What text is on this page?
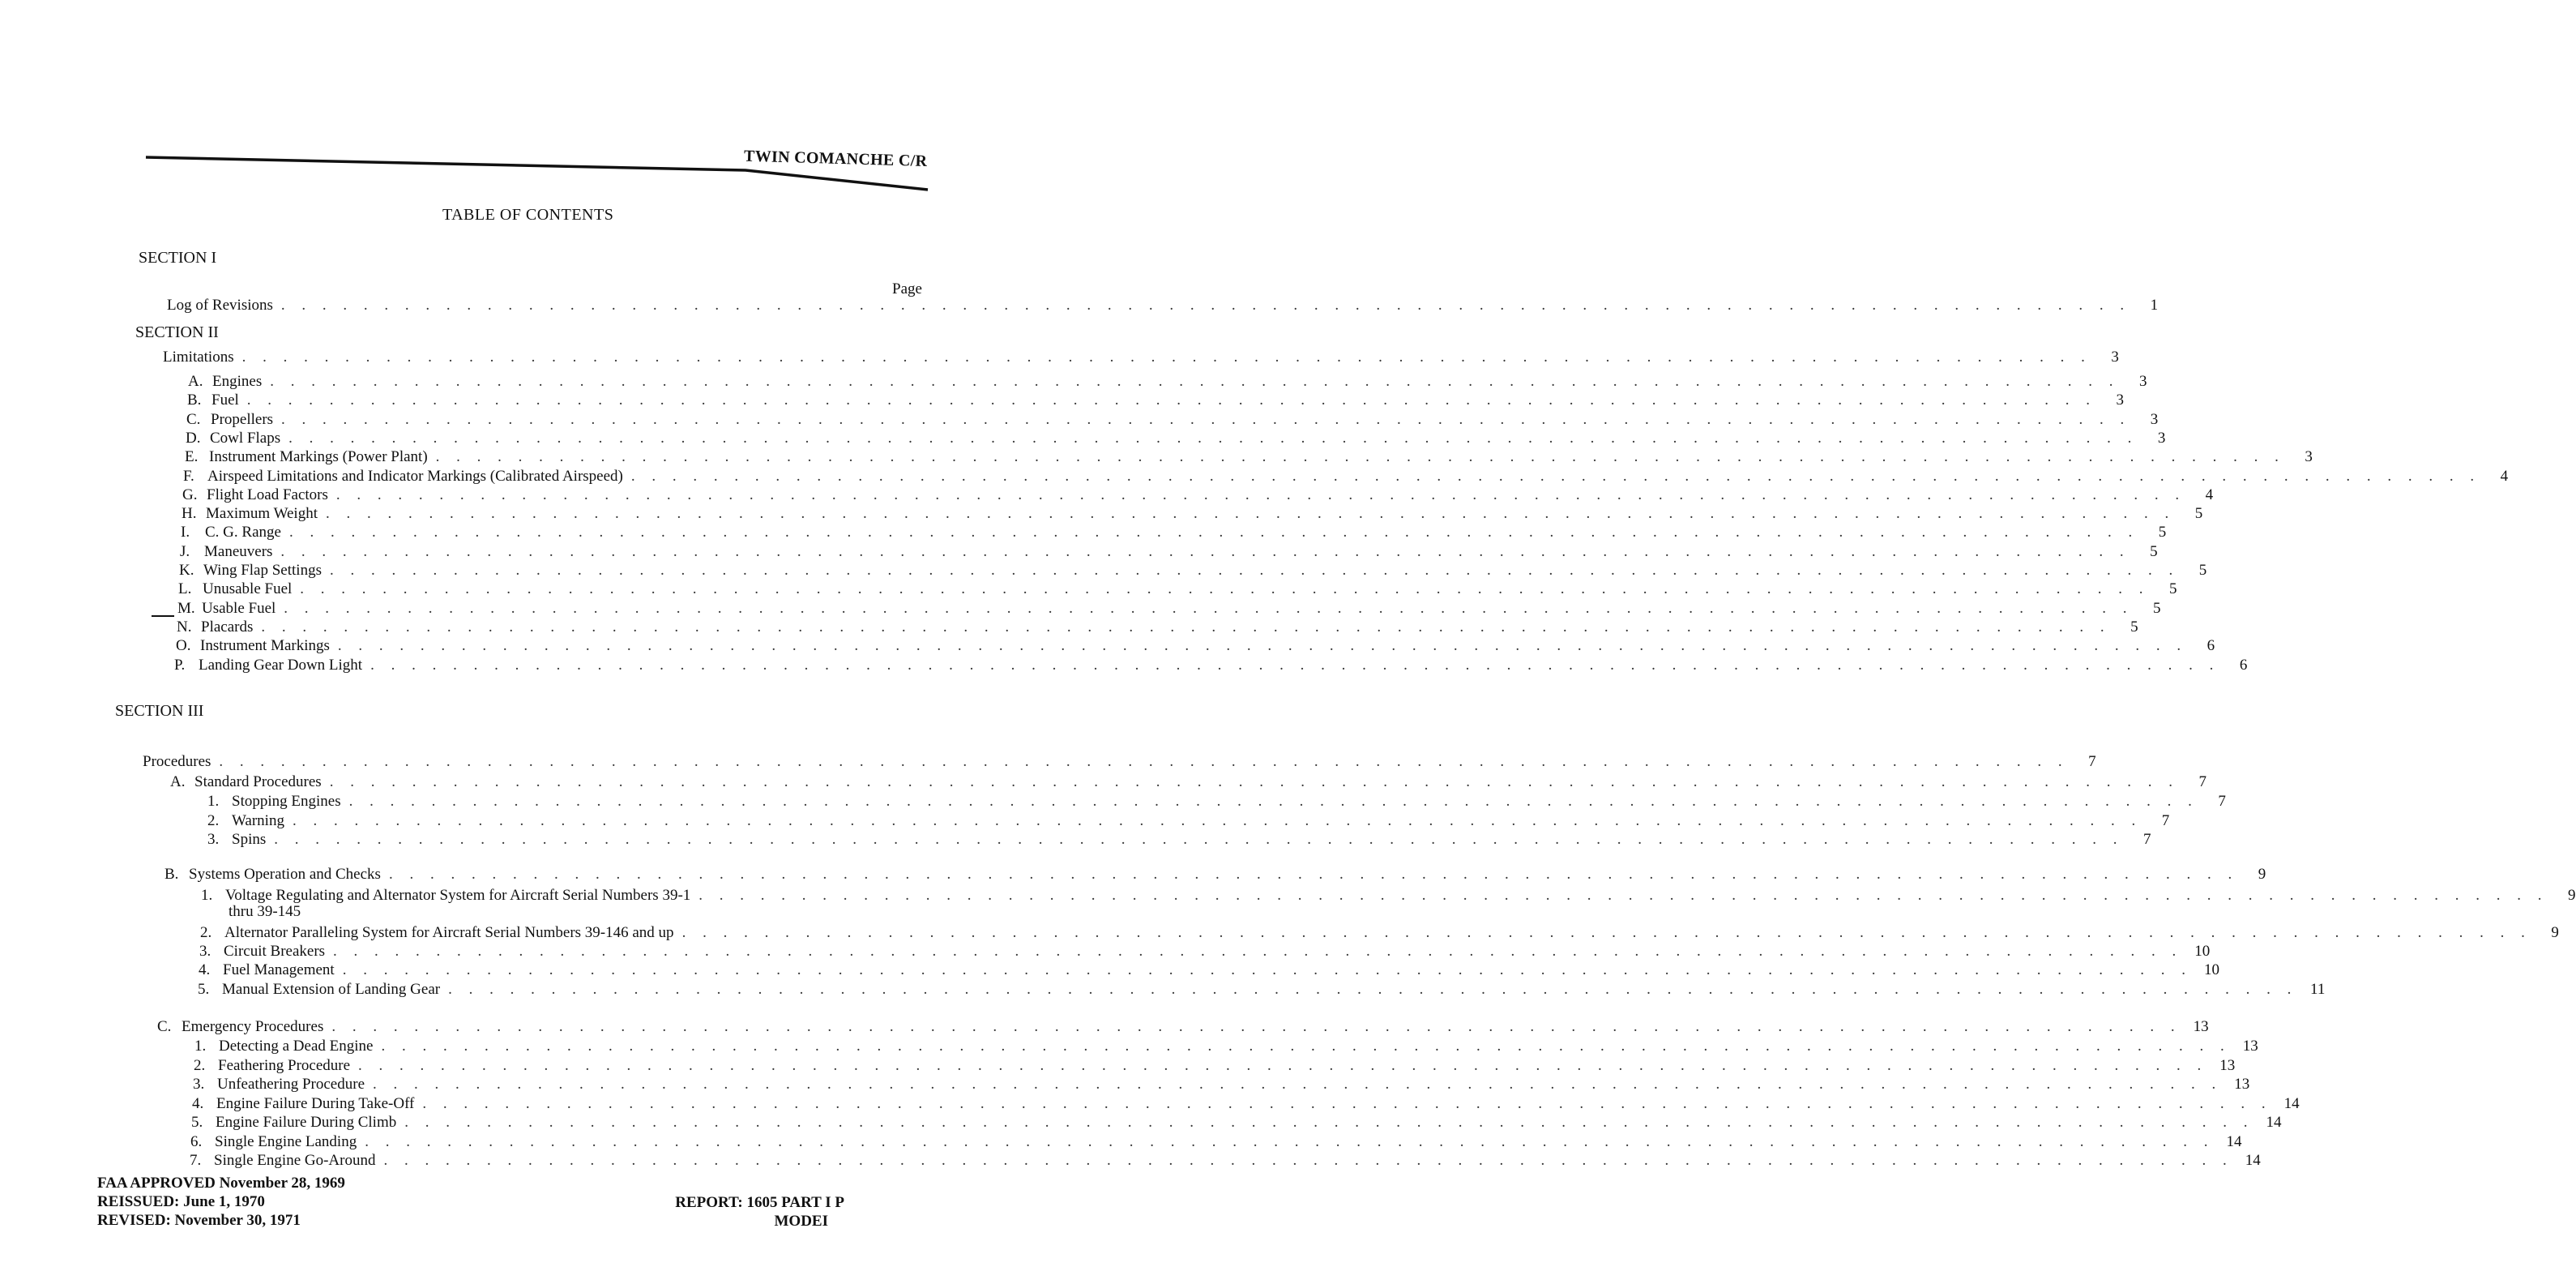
TWIN COMANCHE C/R
TABLE OF CONTENTS
Page
SECTION I
Log of Revisions . . . . . . . . . . . . . . . . . . . . . . . . . . . . . . . . . . . . . . . . . . . . . . . . . . . . . . . . . . . . . . . . . . . . . . . . . . . . . . . . . . . . . . . . . .	1
SECTION II
Limitations . . . . . . . . . . . . . . . . . . . . . . . . . . . . . . . . . . . . . . . . . . . . . . . . . . . . . . . . . . . . . . . . . . . . . . . . . . . . . . . . . . . . . . . . . .	3
A. Engines . . . . . . . . . . . . . . . . . . . . . . . . . . . . . . . . . . . . . . . . . . . . . . . . . . . . . . . . . . . . . . . . . . . . . . . . . . . . . . . . . . . . . . . . . .	3
B. Fuel . . . . . . . . . . . . . . . . . . . . . . . . . . . . . . . . . . . . . . . . . . . . . . . . . . . . . . . . . . . . . . . . . . . . . . . . . . . . . . . . . . . . . . . . . .	3
C. Propellers . . . . . . . . . . . . . . . . . . . . . . . . . . . . . . . . . . . . . . . . . . . . . . . . . . . . . . . . . . . . . . . . . . . . . . . . . . . . . . . . . . . . . . . . . .	3
D. Cowl Flaps . . . . . . . . . . . . . . . . . . . . . . . . . . . . . . . . . . . . . . . . . . . . . . . . . . . . . . . . . . . . . . . . . . . . . . . . . . . . . . . . . . . . . . . . . .	3
E. Instrument Markings (Power Plant) . . . . . . . . . . . . . . . . . . . . . . . . . . . . . . . . . . . . . . . . . . . . . . . . . . . . . . . . . . . . . . . . . . . . . . . . . . . . . . . . . . . . . . . . . .	3
F. Airspeed Limitations and Indicator Markings (Calibrated Airspeed) . . . . . . . . . . . . . . . . . . . . . . . . . . . . . . . . . . . . . . . . . . . . . . . . . . . . . . . . . . . . . . . . . . . . . . . . . . . . . . . . . . . . . . . . . .	4
G. Flight Load Factors . . . . . . . . . . . . . . . . . . . . . . . . . . . . . . . . . . . . . . . . . . . . . . . . . . . . . . . . . . . . . . . . . . . . . . . . . . . . . . . . . . . . . . . . . .	4
H. Maximum Weight . . . . . . . . . . . . . . . . . . . . . . . . . . . . . . . . . . . . . . . . . . . . . . . . . . . . . . . . . . . . . . . . . . . . . . . . . . . . . . . . . . . . . . . . . .	5
I. C. G. Range . . . . . . . . . . . . . . . . . . . . . . . . . . . . . . . . . . . . . . . . . . . . . . . . . . . . . . . . . . . . . . . . . . . . . . . . . . . . . . . . . . . . . . . . . .	5
J. Maneuvers . . . . . . . . . . . . . . . . . . . . . . . . . . . . . . . . . . . . . . . . . . . . . . . . . . . . . . . . . . . . . . . . . . . . . . . . . . . . . . . . . . . . . . . . . .	5
K. Wing Flap Settings . . . . . . . . . . . . . . . . . . . . . . . . . . . . . . . . . . . . . . . . . . . . . . . . . . . . . . . . . . . . . . . . . . . . . . . . . . . . . . . . . . . . . . . . . .	5
L. Unusable Fuel . . . . . . . . . . . . . . . . . . . . . . . . . . . . . . . . . . . . . . . . . . . . . . . . . . . . . . . . . . . . . . . . . . . . . . . . . . . . . . . . . . . . . . . . . .	5
M. Usable Fuel . . . . . . . . . . . . . . . . . . . . . . . . . . . . . . . . . . . . . . . . . . . . . . . . . . . . . . . . . . . . . . . . . . . . . . . . . . . . . . . . . . . . . . . . . .	5
N. Placards . . . . . . . . . . . . . . . . . . . . . . . . . . . . . . . . . . . . . . . . . . . . . . . . . . . . . . . . . . . . . . . . . . . . . . . . . . . . . . . . . . . . . . . . . .	5
O. Instrument Markings . . . . . . . . . . . . . . . . . . . . . . . . . . . . . . . . . . . . . . . . . . . . . . . . . . . . . . . . . . . . . . . . . . . . . . . . . . . . . . . . . . . . . . . . . .	6
P. Landing Gear Down Light . . . . . . . . . . . . . . . . . . . . . . . . . . . . . . . . . . . . . . . . . . . . . . . . . . . . . . . . . . . . . . . . . . . . . . . . . . . . . . . . . . . . . . . . . .	6
SECTION III
Procedures . . . . . . . . . . . . . . . . . . . . . . . . . . . . . . . . . . . . . . . . . . . . . . . . . . . . . . . . . . . . . . . . . . . . . . . . . . . . . . . . . . . . . . . . . .	7
A. Standard Procedures . . . . . . . . . . . . . . . . . . . . . . . . . . . . . . . . . . . . . . . . . . . . . . . . . . . . . . . . . . . . . . . . . . . . . . . . . . . . . . . . . . . . . . . . . .	7
1. Stopping Engines . . . . . . . . . . . . . . . . . . . . . . . . . . . . . . . . . . . . . . . . . . . . . . . . . . . . . . . . . . . . . . . . . . . . . . . . . . . . . . . . . . . . . . . . . .	7
2. Warning . . . . . . . . . . . . . . . . . . . . . . . . . . . . . . . . . . . . . . . . . . . . . . . . . . . . . . . . . . . . . . . . . . . . . . . . . . . . . . . . . . . . . . . . . .	7
3. Spins . . . . . . . . . . . . . . . . . . . . . . . . . . . . . . . . . . . . . . . . . . . . . . . . . . . . . . . . . . . . . . . . . . . . . . . . . . . . . . . . . . . . . . . . . .	7
B. Systems Operation and Checks . . . . . . . . . . . . . . . . . . . . . . . . . . . . . . . . . . . . . . . . . . . . . . . . . . . . . . . . . . . . . . . . . . . . . . . . . . . . . . . . . . . . . . . . . .	9
1. Voltage Regulating and Alternator System for Aircraft Serial Numbers 39-1 . . . . . . . . . . . . . . . . . . . . . . . . . . . . . . . . . . . . . . . . . . . . . . . . . . . . . . . . . . . . . . . . . . . . . . . . . . . . . . . . . . . . . . . . . .	9
thru 39-145
2. Alternator Paralleling System for Aircraft Serial Numbers 39-146 and up . . . . . . . . . . . . . . . . . . . . . . . . . . . . . . . . . . . . . . . . . . . . . . . . . . . . . . . . . . . . . . . . . . . . . . . . . . . . . . . . . . . . . . . . . .	9
3. Circuit Breakers . . . . . . . . . . . . . . . . . . . . . . . . . . . . . . . . . . . . . . . . . . . . . . . . . . . . . . . . . . . . . . . . . . . . . . . . . . . . . . . . . . . . . . . . . . 10
4. Fuel Management . . . . . . . . . . . . . . . . . . . . . . . . . . . . . . . . . . . . . . . . . . . . . . . . . . . . . . . . . . . . . . . . . . . . . . . . . . . . . . . . . . . . . . . . . . 10
5. Manual Extension of Landing Gear . . . . . . . . . . . . . . . . . . . . . . . . . . . . . . . . . . . . . . . . . . . . . . . . . . . . . . . . . . . . . . . . . . . . . . . . . . . . . . . . . . . . . . . . . . 11
C. Emergency Procedures . . . . . . . . . . . . . . . . . . . . . . . . . . . . . . . . . . . . . . . . . . . . . . . . . . . . . . . . . . . . . . . . . . . . . . . . . . . . . . . . . . . . . . . . . . 13
1. Detecting a Dead Engine . . . . . . . . . . . . . . . . . . . . . . . . . . . . . . . . . . . . . . . . . . . . . . . . . . . . . . . . . . . . . . . . . . . . . . . . . . . . . . . . . . . . . . . . . . 13
2. Feathering Procedure . . . . . . . . . . . . . . . . . . . . . . . . . . . . . . . . . . . . . . . . . . . . . . . . . . . . . . . . . . . . . . . . . . . . . . . . . . . . . . . . . . . . . . . . . . 13
3. Unfeathering Procedure . . . . . . . . . . . . . . . . . . . . . . . . . . . . . . . . . . . . . . . . . . . . . . . . . . . . . . . . . . . . . . . . . . . . . . . . . . . . . . . . . . . . . . . . . . 13
4. Engine Failure During Take-Off . . . . . . . . . . . . . . . . . . . . . . . . . . . . . . . . . . . . . . . . . . . . . . . . . . . . . . . . . . . . . . . . . . . . . . . . . . . . . . . . . . . . . . . . . . 14
5. Engine Failure During Climb . . . . . . . . . . . . . . . . . . . . . . . . . . . . . . . . . . . . . . . . . . . . . . . . . . . . . . . . . . . . . . . . . . . . . . . . . . . . . . . . . . . . . . . . . . 14
6. Single Engine Landing . . . . . . . . . . . . . . . . . . . . . . . . . . . . . . . . . . . . . . . . . . . . . . . . . . . . . . . . . . . . . . . . . . . . . . . . . . . . . . . . . . . . . . . . . . 14
7. Single Engine Go-Around . . . . . . . . . . . . . . . . . . . . . . . . . . . . . . . . . . . . . . . . . . . . . . . . . . . . . . . . . . . . . . . . . . . . . . . . . . . . . . . . . . . . . . . . . . 14
FAA APPROVED November 28, 1969
REISSUED: June 1, 1970
REVISED: November 30, 1971
REPORT: 1605 PART I P
MODEI
